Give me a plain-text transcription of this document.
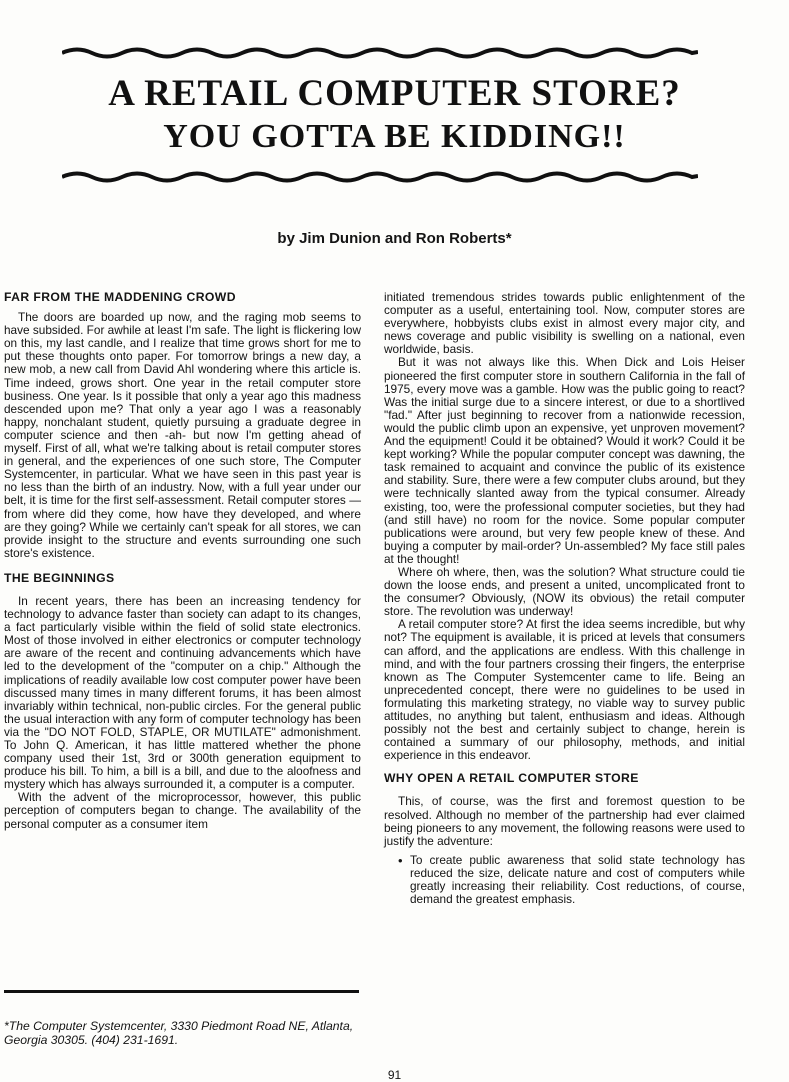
A RETAIL COMPUTER STORE?
YOU GOTTA BE KIDDING!!
by Jim Dunion and Ron Roberts*
FAR FROM THE MADDENING CROWD

The doors are boarded up now, and the raging mob seems to have subsided. For awhile at least I'm safe. The light is flickering low on this, my last candle, and I realize that time grows short for me to put these thoughts onto paper. For tomorrow brings a new day, a new mob, a new call from David Ahl wondering where this article is. Time indeed, grows short. One year in the retail computer store business. One year. Is it possible that only a year ago this madness descended upon me? That only a year ago I was a reasonably happy, nonchalant student, quietly pursuing a graduate degree in computer science and then -ah- but now I'm getting ahead of myself. First of all, what we're talking about is retail computer stores in general, and the experiences of one such store, The Computer Systemcenter, in particular. What we have seen in this past year is no less than the birth of an industry. Now, with a full year under our belt, it is time for the first self-assessment. Retail computer stores — from where did they come, how have they developed, and where are they going? While we certainly can't speak for all stores, we can provide insight to the structure and events surrounding one such store's existence.

THE BEGINNINGS

In recent years, there has been an increasing tendency for technology to advance faster than society can adapt to its changes, a fact particularly visible within the field of solid state electronics. Most of those involved in either electronics or computer technology are aware of the recent and continuing advancements which have led to the development of the "computer on a chip." Although the implications of readily available low cost computer power have been discussed many times in many different forums, it has been almost invariably within technical, non-public circles. For the general public the usual interaction with any form of computer technology has been via the "DO NOT FOLD, STAPLE, OR MUTILATE" admonishment. To John Q. American, it has little mattered whether the phone company used their 1st, 3rd or 300th generation equipment to produce his bill. To him, a bill is a bill, and due to the aloofness and mystery which has always surrounded it, a computer is a computer.

With the advent of the microprocessor, however, this public perception of computers began to change. The availability of the personal computer as a consumer item

initiated tremendous strides towards public enlightenment of the computer as a useful, entertaining tool. Now, computer stores are everywhere, hobbyists clubs exist in almost every major city, and news coverage and public visibility is swelling on a national, even worldwide, basis.

But it was not always like this. When Dick and Lois Heiser pioneered the first computer store in southern California in the fall of 1975, every move was a gamble. How was the public going to react? Was the initial surge due to a sincere interest, or due to a shortlived "fad." After just beginning to recover from a nationwide recession, would the public climb upon an expensive, yet unproven movement? And the equipment! Could it be obtained? Would it work? Could it be kept working? While the popular computer concept was dawning, the task remained to acquaint and convince the public of its existence and stability. Sure, there were a few computer clubs around, but they were technically slanted away from the typical consumer. Already existing, too, were the professional computer societies, but they had (and still have) no room for the novice. Some popular computer publications were around, but very few people knew of these. And buying a computer by mail-order? Un-assembled? My face still pales at the thought!

Where oh where, then, was the solution? What structure could tie down the loose ends, and present a united, uncomplicated front to the consumer? Obviously, (NOW its obvious) the retail computer store. The revolution was underway!

A retail computer store? At first the idea seems incredible, but why not? The equipment is available, it is priced at levels that consumers can afford, and the applications are endless. With this challenge in mind, and with the four partners crossing their fingers, the enterprise known as The Computer Systemcenter came to life. Being an unprecedented concept, there were no guidelines to be used in formulating this marketing strategy, no viable way to survey public attitudes, no anything but talent, enthusiasm and ideas. Although possibly not the best and certainly subject to change, herein is contained a summary of our philosophy, methods, and initial experience in this endeavor.

WHY OPEN A RETAIL COMPUTER STORE

This, of course, was the first and foremost question to be resolved. Although no member of the partnership had ever claimed being pioneers to any movement, the following reasons were used to justify the adventure:

• To create public awareness that solid state technology has reduced the size, delicate nature and cost of computers while greatly increasing their reliability. Cost reductions, of course, demand the greatest emphasis.
*The Computer Systemcenter, 3330 Piedmont Road NE, Atlanta, Georgia 30305. (404) 231-1691.
91
